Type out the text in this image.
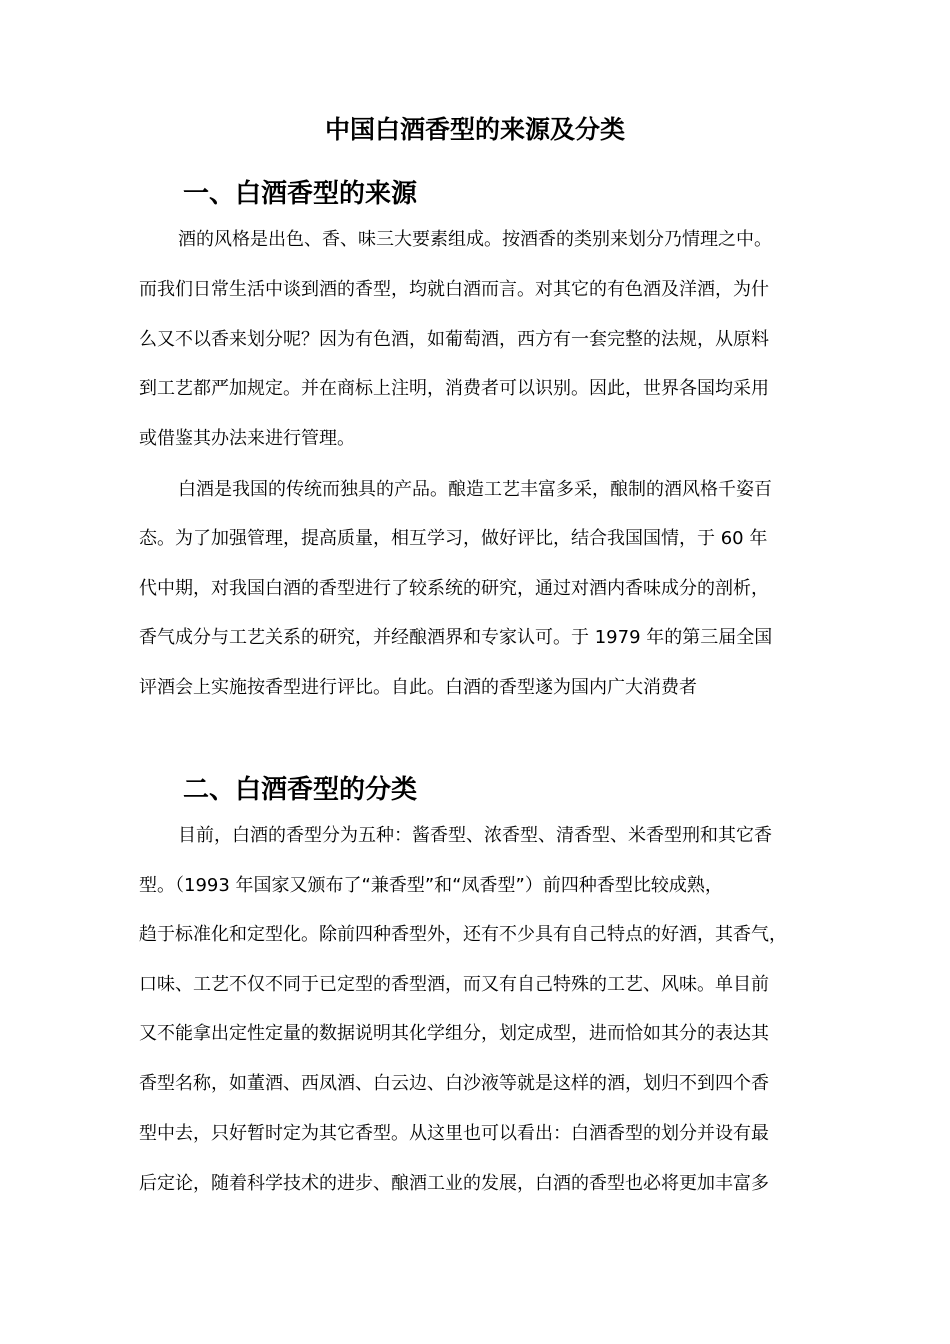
中国白酒香型的来源及分类
一、白酒香型的来源

酒的风格是出色、香、味三大要素组成。按酒香的类别来划分乃情理之中。

而我们日常生活中谈到酒的香型，均就白酒而言。对其它的有色酒及洋酒，为什

么又不以香来划分呢？因为有色酒，如葡萄酒，西方有一套完整的法规，从原料

到工艺都严加规定。并在商标上注明，消费者可以识别。因此，世界各国均采用

或借鉴其办法来进行管理。

白酒是我国的传统而独具的产品。酿造工艺丰富多采，酿制的酒风格千姿百

态。为了加强管理，提高质量，相互学习，做好评比，结合我国国情，于 60 年

代中期，对我国白酒的香型进行了较系统的研究，通过对酒内香味成分的剖析，

香气成分与工艺关系的研究，并经酿酒界和专家认可。于 1979 年的第三届全国

评酒会上实施按香型进行评比。自此。白酒的香型遂为国内广大消费者

二、白酒香型的分类

目前，白酒的香型分为五种：酱香型、浓香型、清香型、米香型刑和其它香

型。（1993 年国家又颁布了“兼香型”和“凤香型”）前四种香型比较成熟，

趋于标准化和定型化。除前四种香型外，还有不少具有自己特点的好酒，其香气，

口味、工艺不仅不同于已定型的香型酒，而又有自己特殊的工艺、风味。单目前

又不能拿出定性定量的数据说明其化学组分，划定成型，进而恰如其分的表达其

香型名称，如董酒、西凤酒、白云边、白沙液等就是这样的酒，划归不到四个香

型中去，只好暂时定为其它香型。从这里也可以看出：白酒香型的划分并设有最

后定论，随着科学技术的进步、酿酒工业的发展，白酒的香型也必将更加丰富多
